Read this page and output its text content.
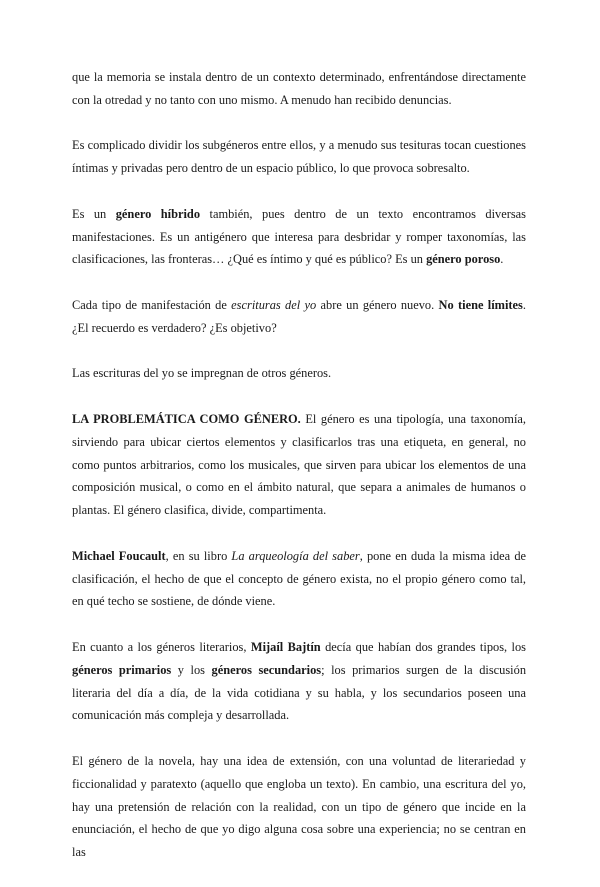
que la memoria se instala dentro de un contexto determinado, enfrentándose directamente con la otredad y no tanto con uno mismo. A menudo han recibido denuncias.

Es complicado dividir los subgéneros entre ellos, y a menudo sus tesituras tocan cuestiones íntimas y privadas pero dentro de un espacio público, lo que provoca sobresalto.

Es un género híbrido también, pues dentro de un texto encontramos diversas manifestaciones. Es un antigénero que interesa para desbridar y romper taxonomías, las clasificaciones, las fronteras… ¿Qué es íntimo y qué es público? Es un género poroso.

Cada tipo de manifestación de escrituras del yo abre un género nuevo. No tiene límites. ¿El recuerdo es verdadero? ¿Es objetivo?

Las escrituras del yo se impregnan de otros géneros.

LA PROBLEMÁTICA COMO GÉNERO. El género es una tipología, una taxonomía, sirviendo para ubicar ciertos elementos y clasificarlos tras una etiqueta, en general, no como puntos arbitrarios, como los musicales, que sirven para ubicar los elementos de una composición musical, o como en el ámbito natural, que separa a animales de humanos o plantas. El género clasifica, divide, compartimenta.

Michael Foucault, en su libro La arqueología del saber, pone en duda la misma idea de clasificación, el hecho de que el concepto de género exista, no el propio género como tal, en qué techo se sostiene, de dónde viene.

En cuanto a los géneros literarios, Mijaíl Bajtín decía que habían dos grandes tipos, los géneros primarios y los géneros secundarios; los primarios surgen de la discusión literaria del día a día, de la vida cotidiana y su habla, y los secundarios poseen una comunicación más compleja y desarrollada.

El género de la novela, hay una idea de extensión, con una voluntad de literariedad y ficcionalidad y paratexto (aquello que engloba un texto). En cambio, una escritura del yo, hay una pretensión de relación con la realidad, con un tipo de género que incide en la enunciación, el hecho de que yo digo alguna cosa sobre una experiencia; no se centran en las
